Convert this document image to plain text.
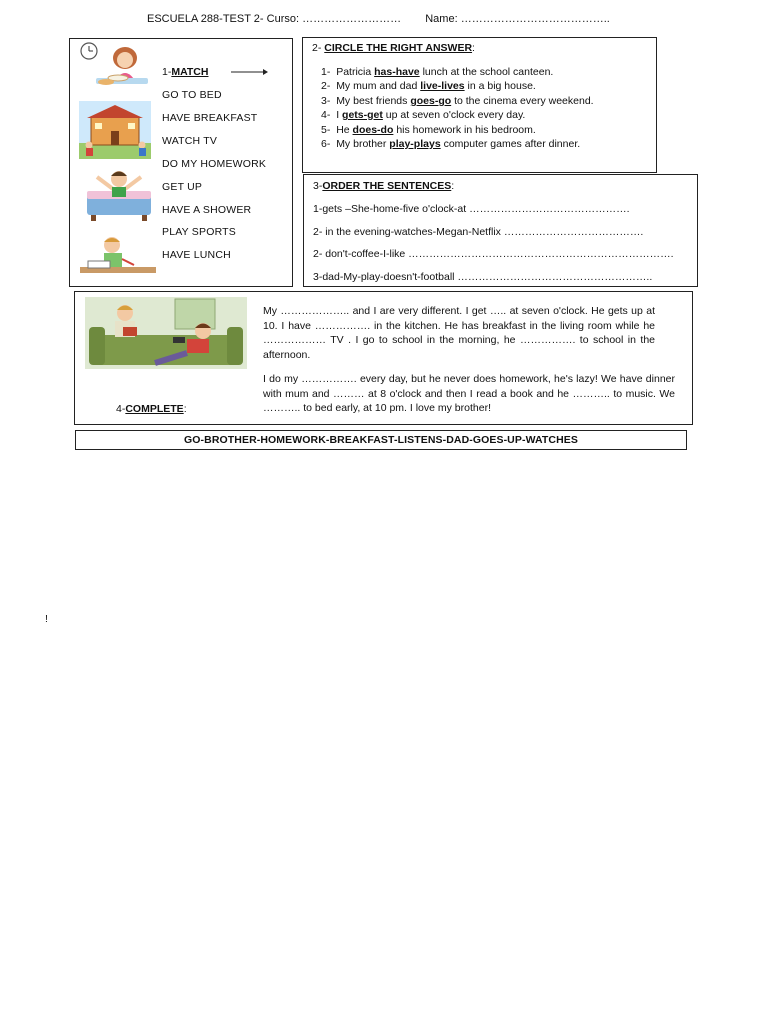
ESCUELA 288-TEST 2- Curso: ……………………… Name: …………………………………..
1-MATCH
GO TO BED
HAVE BREAKFAST
WATCH TV
DO MY HOMEWORK
GET UP
HAVE A SHOWER
PLAY SPORTS
HAVE LUNCH
2- CIRCLE THE RIGHT ANSWER:
1- Patricia has-have lunch at the school canteen.
2- My mum and dad live-lives in a big house.
3- My best friends goes-go to the cinema every weekend.
4- I gets-get up at seven o'clock every day.
5- He does-do his homework in his bedroom.
6- My brother play-plays computer games after dinner.
3-ORDER THE SENTENCES:
1-gets –She-home-five o'clock-at ……………………………………….
2- in the evening-watches-Megan-Netflix ………………………………….
2- don't-coffee-I-like ………………………………………………………………….
3-dad-My-play-doesn't-football ………………………………………………..
4-COMPLETE:
My ……………….. and I are very different. I get ….. at seven o'clock. He gets up at 10. I have ……………. in the kitchen. He has breakfast in the living room while he ……………… TV . I go to school in the morning, he ……………. to school in the afternoon.
I do my ……………. every day, but he never does homework, he's lazy! We have dinner with mum and ……… at 8 o'clock and then I read a book and he ……….. to music. We ……….. to bed early, at 10 pm. I love my brother!
GO-BROTHER-HOMEWORK-BREAKFAST-LISTENS-DAD-GOES-UP-WATCHES
!
